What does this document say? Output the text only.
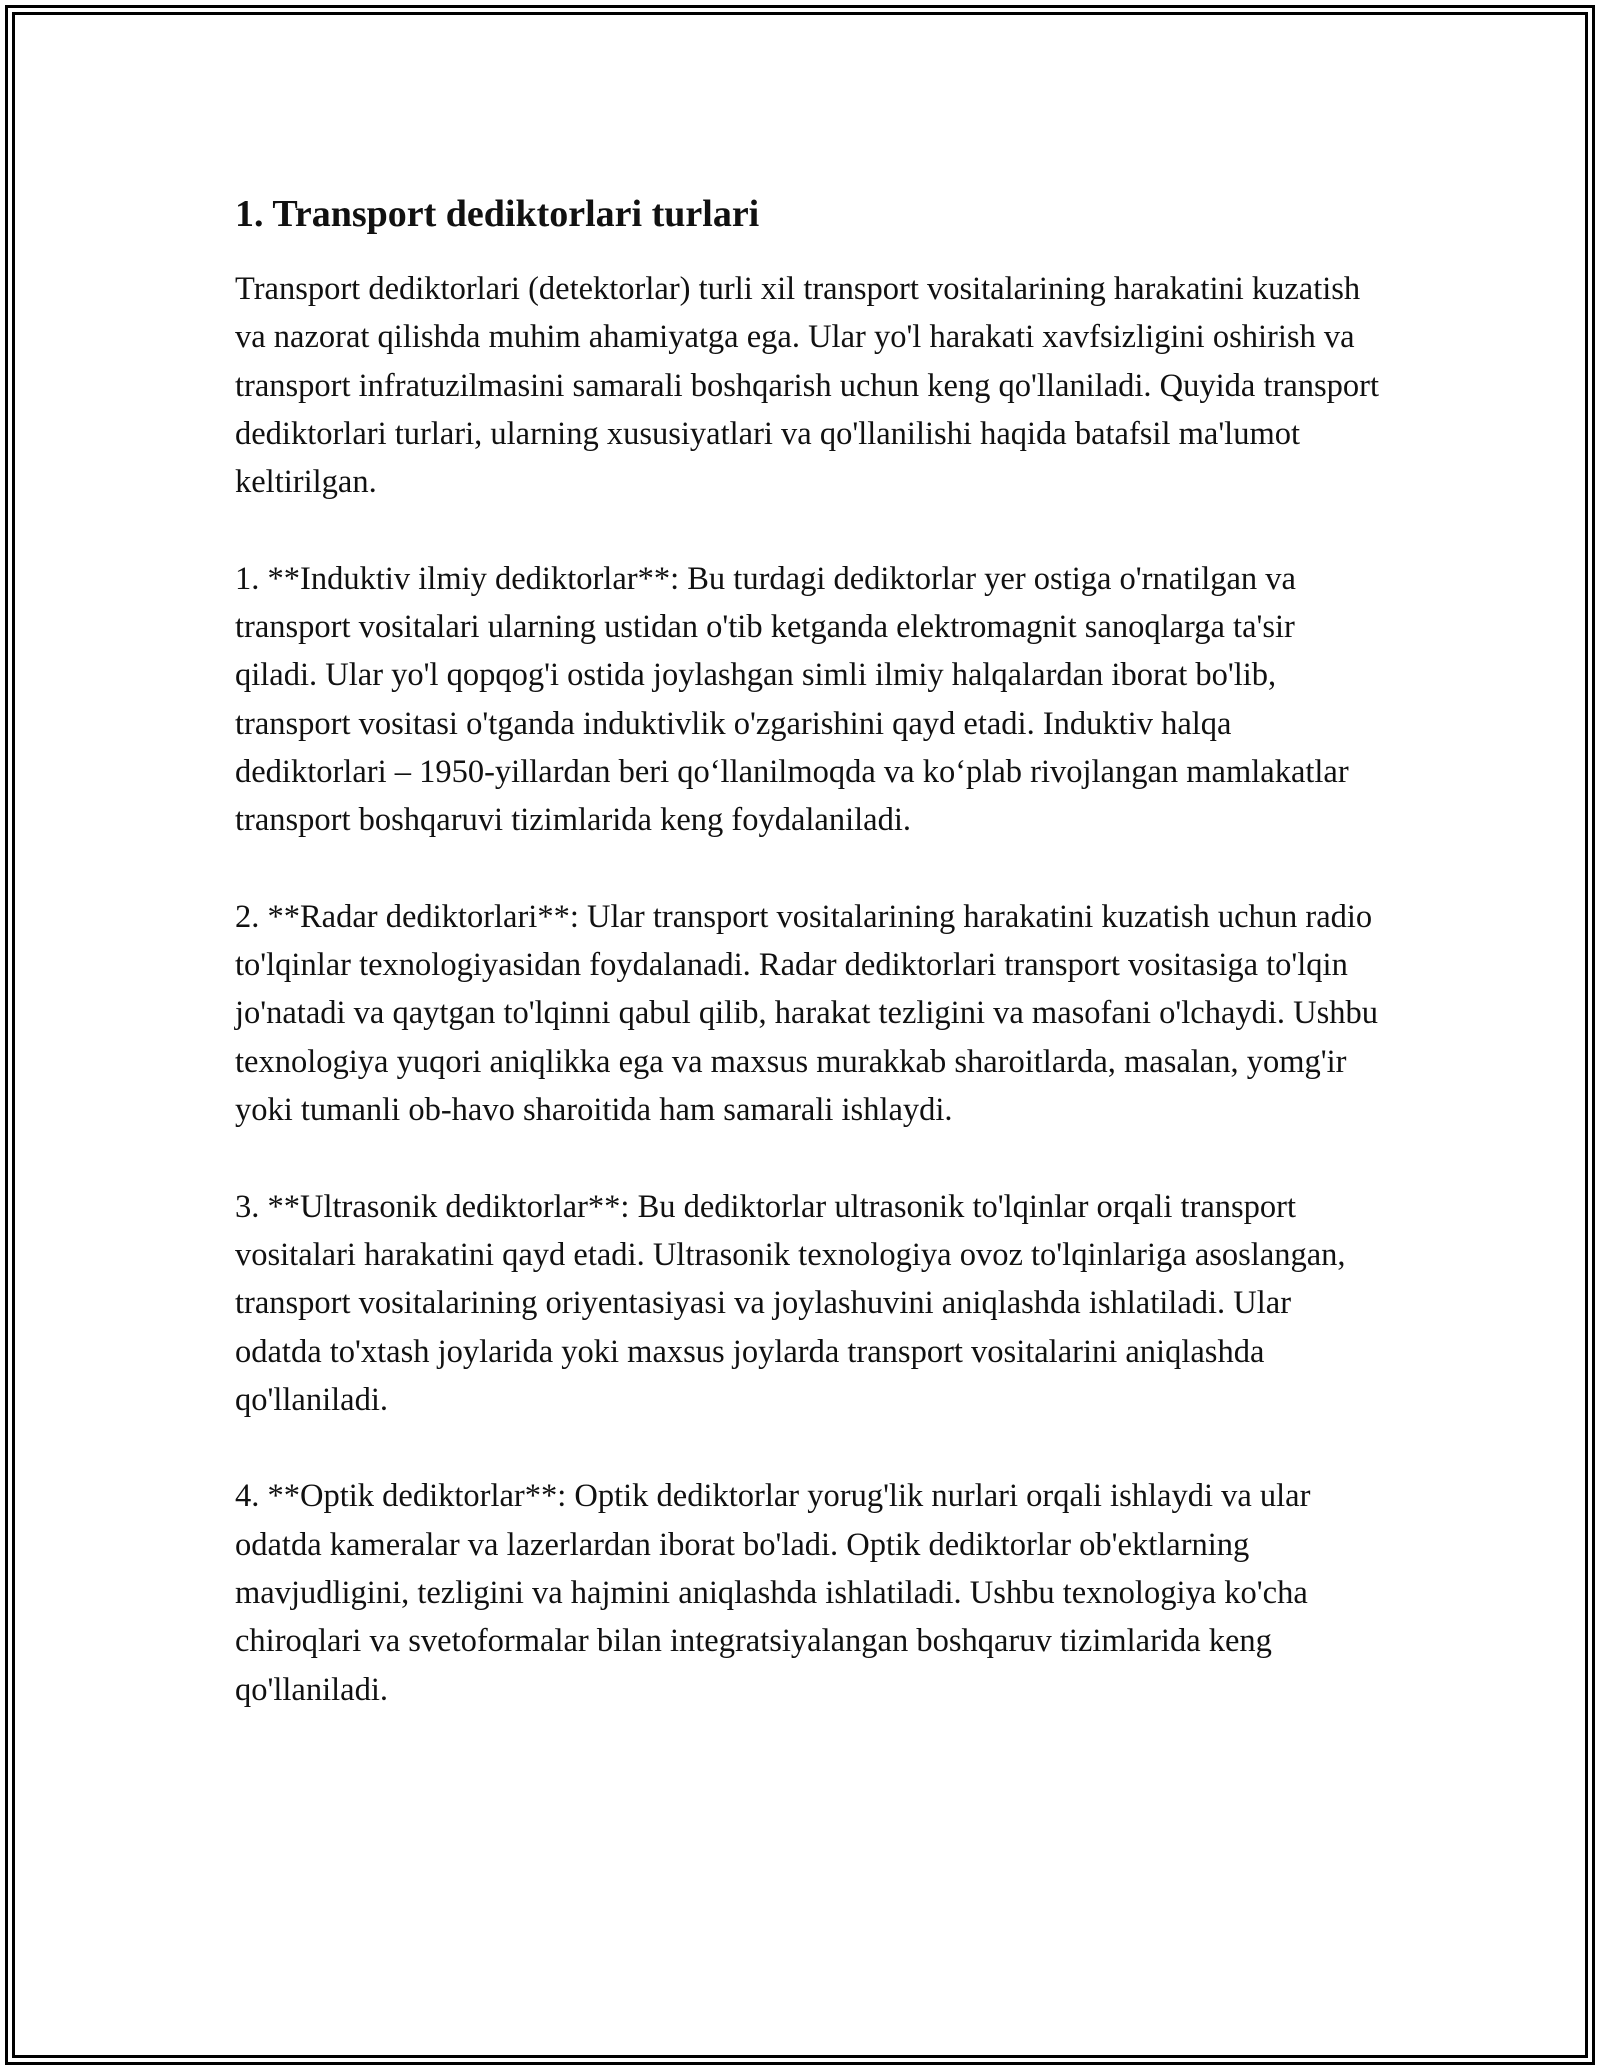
1. Transport dediktorlari turlari

Transport dediktorlari (detektorlar) turli xil transport vositalarining harakatini kuzatish va nazorat qilishda muhim ahamiyatga ega. Ular yo'l harakati xavfsizligini oshirish va transport infratuzilmasini samarali boshqarish uchun keng qo'llaniladi. Quyida transport dediktorlari turlari, ularning xususiyatlari va qo'llanilishi haqida batafsil ma'lumot keltirilgan.

1. **Induktiv ilmiy dediktorlar**: Bu turdagi dediktorlar yer ostiga o'rnatilgan va transport vositalari ularning ustidan o'tib ketganda elektromagnit sanoqlarga ta'sir qiladi. Ular yo'l qopqog'i ostida joylashgan simli ilmiy halqalardan iborat bo'lib, transport vositasi o'tganda induktivlik o'zgarishini qayd etadi. Induktiv halqa dediktorlari – 1950-yillardan beri qo‘llanilmoqda va ko‘plab rivojlangan mamlakatlar transport boshqaruvi tizimlarida keng foydalaniladi.

2. **Radar dediktorlari**: Ular transport vositalarining harakatini kuzatish uchun radio to'lqinlar texnologiyasidan foydalanadi. Radar dediktorlari transport vositasiga to'lqin jo'natadi va qaytgan to'lqinni qabul qilib, harakat tezligini va masofani o'lchaydi. Ushbu texnologiya yuqori aniqlikka ega va maxsus murakkab sharoitlarda, masalan, yomg'ir yoki tumanli ob-havo sharoitida ham samarali ishlaydi.

3. **Ultrasonik dediktorlar**: Bu dediktorlar ultrasonik to'lqinlar orqali transport vositalari harakatini qayd etadi. Ultrasonik texnologiya ovoz to'lqinlariga asoslangan, transport vositalarining oriyentasiyasi va joylashuvini aniqlashda ishlatiladi. Ular odatda to'xtash joylarida yoki maxsus joylarda transport vositalarini aniqlashda qo'llaniladi.

4. **Optik dediktorlar**: Optik dediktorlar yorug'lik nurlari orqali ishlaydi va ular odatda kameralar va lazerlardan iborat bo'ladi. Optik dediktorlar ob'ektlarning mavjudligini, tezligini va hajmini aniqlashda ishlatiladi. Ushbu texnologiya ko'cha chiroqlari va svetoformalar bilan integratsiyalangan boshqaruv tizimlarida keng qo'llaniladi.
